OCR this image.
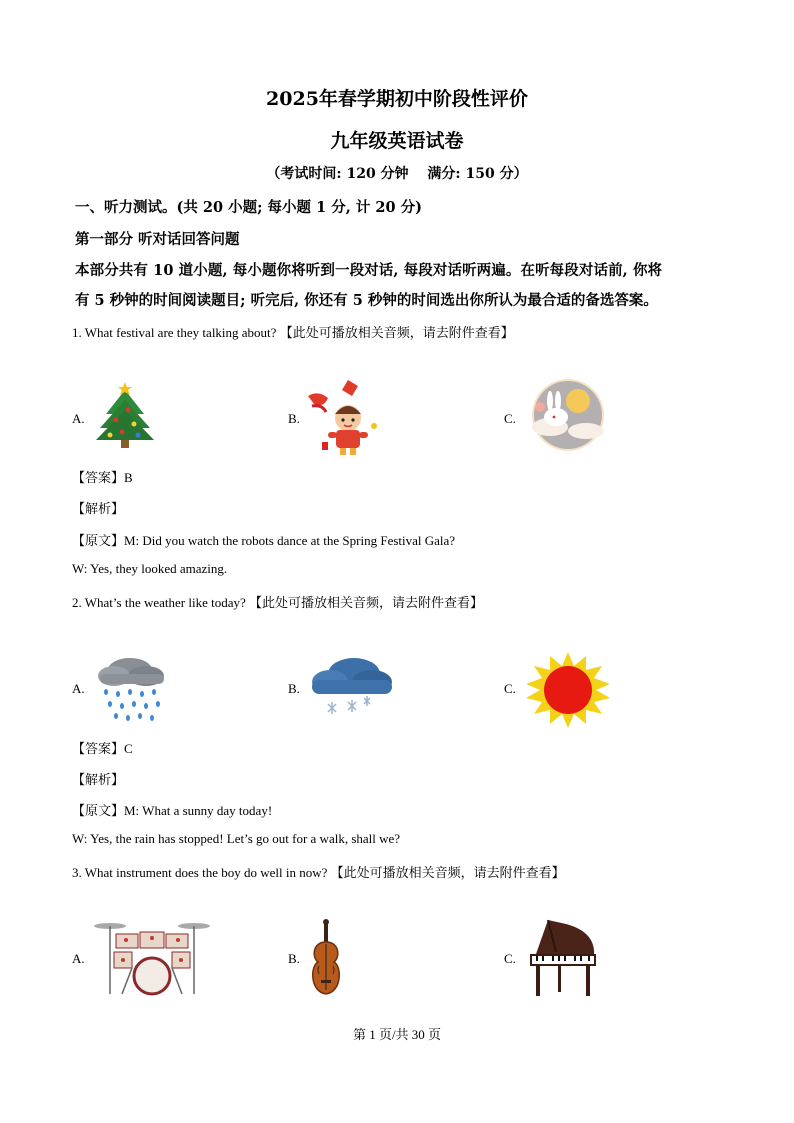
2025年春学期初中阶段性评价
九年级英语试卷
（考试时间: 120 分钟　 满分: 150 分）
一、听力测试。(共 20 小题; 每小题 1 分, 计 20 分)
第一部分 听对话回答问题
本部分共有 10 道小题, 每小题你将听到一段对话, 每段对话听两遍。在听每段对话前, 你将
有 5 秒钟的时间阅读题目; 听完后, 你还有 5 秒钟的时间选出你所认为最合适的备选答案。
1. What festival are they talking about? 【此处可播放相关音频，请去附件查看】
A.	B.	C.
【答案】B
【解析】
【原文】M: Did you watch the robots dance at the Spring Festival Gala?
W: Yes, they looked amazing.
2. What’s the weather like today? 【此处可播放相关音频，请去附件查看】
A.	B.	C.
【答案】C
【解析】
【原文】M: What a sunny day today!
W: Yes, the rain has stopped! Let’s go out for a walk, shall we?
3. What instrument does the boy do well in now? 【此处可播放相关音频，请去附件查看】
A.	B.	C.
第 1 页/共 30 页
